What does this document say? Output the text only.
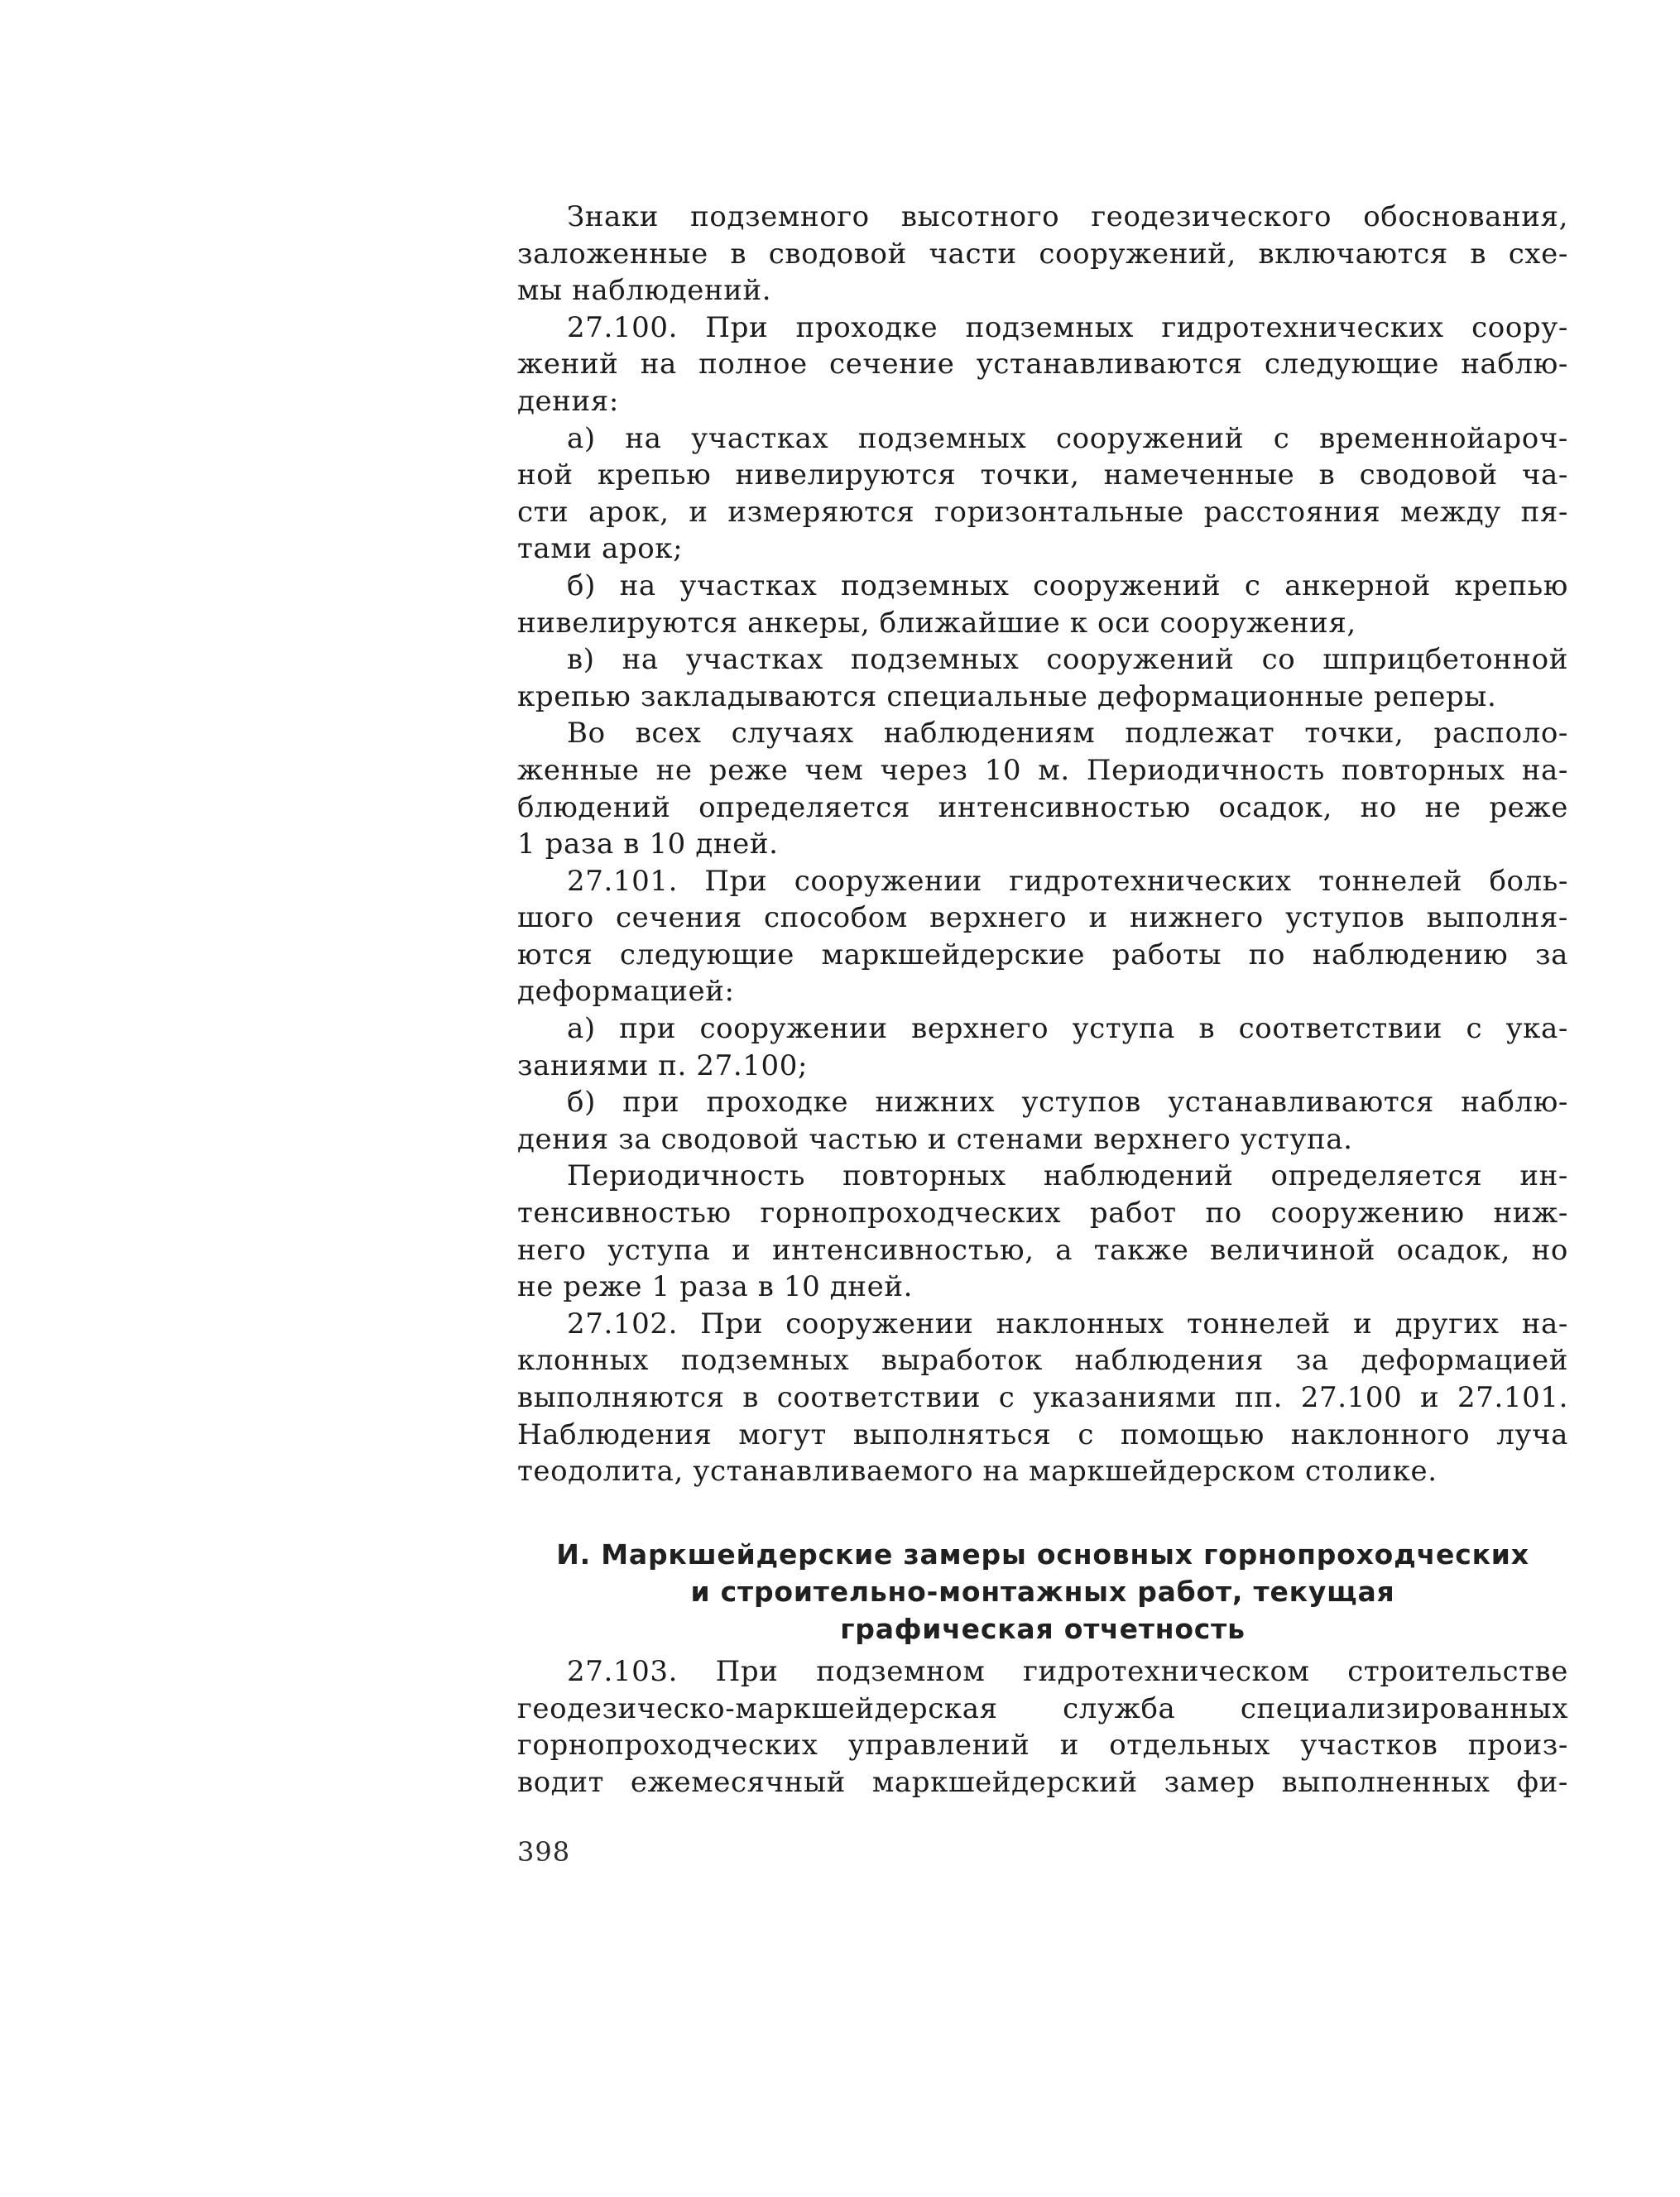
Знаки подземного высотного геодезического обоснования,
заложенные в сводовой части сооружений, включаются в схе-
мы наблюдений.
27.100. При проходке подземных гидротехнических соору-
жений на полное сечение устанавливаются следующие наблю-
дения:
а) на участках подземных сооружений с временнойароч-
ной крепью нивелируются точки, намеченные в сводовой ча-
сти арок, и измеряются горизонтальные расстояния между пя-
тами арок;
б) на участках подземных сооружений с анкерной крепью
нивелируются анкеры, ближайшие к оси сооружения,
в) на участках подземных сооружений со шприцбетонной
крепью закладываются специальные деформационные реперы.
Во всех случаях наблюдениям подлежат точки, располо-
женные не реже чем через 10 м. Периодичность повторных на-
блюдений определяется интенсивностью осадок, но не реже
1 раза в 10 дней.
27.101. При сооружении гидротехнических тоннелей боль-
шого сечения способом верхнего и нижнего уступов выполня-
ются следующие маркшейдерские работы по наблюдению за
деформацией:
а) при сооружении верхнего уступа в соответствии с ука-
заниями п. 27.100;
б) при проходке нижних уступов устанавливаются наблю-
дения за сводовой частью и стенами верхнего уступа.
Периодичность повторных наблюдений определяется ин-
тенсивностью горнопроходческих работ по сооружению ниж-
него уступа и интенсивностью, а также величиной осадок, но
не реже 1 раза в 10 дней.
27.102. При сооружении наклонных тоннелей и других на-
клонных подземных выработок наблюдения за деформацией
выполняются в соответствии с указаниями пп. 27.100 и 27.101.
Наблюдения могут выполняться с помощью наклонного луча
теодолита, устанавливаемого на маркшейдерском столике.
И. Маркшейдерские замеры основных горнопроходческих
и строительно-монтажных работ, текущая
графическая отчетность
27.103. При подземном гидротехническом строительстве
геодезическо-маркшейдерская служба специализированных
горнопроходческих управлений и отдельных участков произ-
водит ежемесячный маркшейдерский замер выполненных фи-
398
